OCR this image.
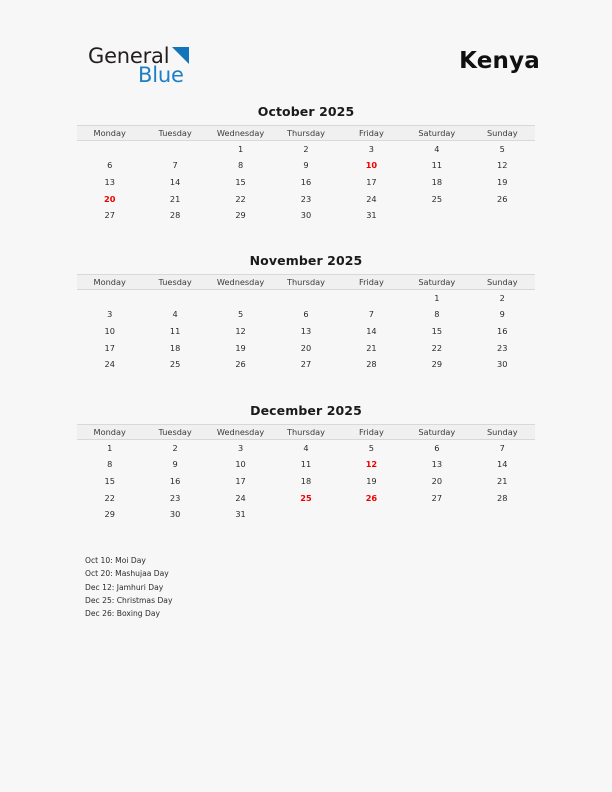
General
Blue
Kenya
October 2025
Monday	Tuesday	Wednesday	Thursday	Friday	Saturday	Sunday
		1	2	3	4	5
6	7	8	9	10	11	12
13	14	15	16	17	18	19
20	21	22	23	24	25	26
27	28	29	30	31		
November 2025
Monday	Tuesday	Wednesday	Thursday	Friday	Saturday	Sunday
					1	2
3	4	5	6	7	8	9
10	11	12	13	14	15	16
17	18	19	20	21	22	23
24	25	26	27	28	29	30
December 2025
Monday	Tuesday	Wednesday	Thursday	Friday	Saturday	Sunday
1	2	3	4	5	6	7
8	9	10	11	12	13	14
15	16	17	18	19	20	21
22	23	24	25	26	27	28
29	30	31				
Oct 10: Moi Day
Oct 20: Mashujaa Day
Dec 12: Jamhuri Day
Dec 25: Christmas Day
Dec 26: Boxing Day
